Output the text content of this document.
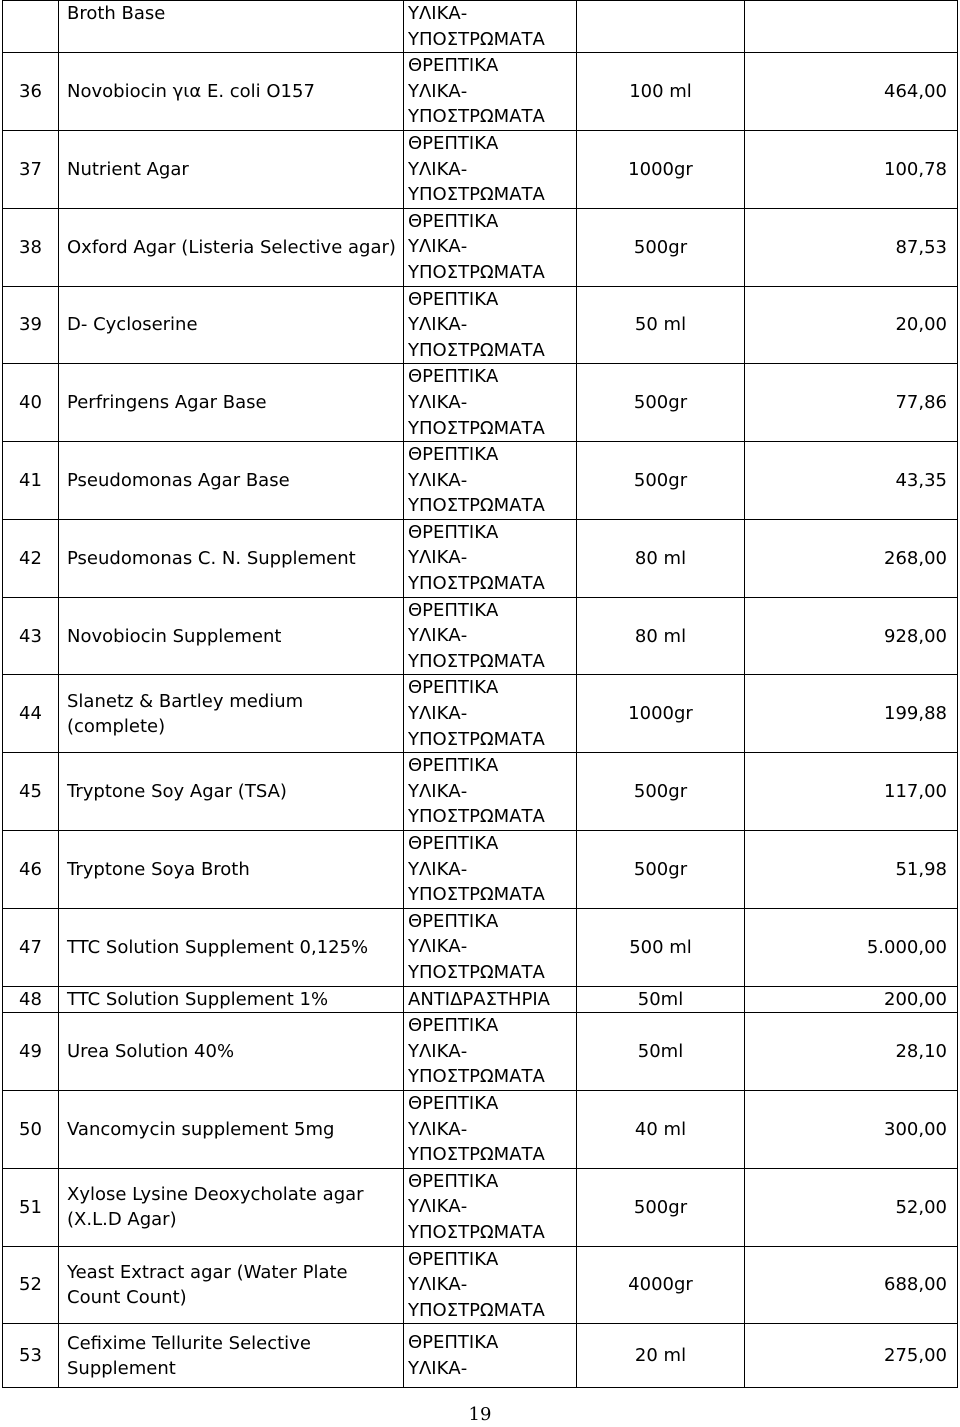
	Broth Base	ΥΛΙΚΑ-
ΥΠΟΣΤΡΩΜΑΤΑ		

36	Novobiocin για E. coli O157	ΘΡΕΠΤΙΚΑ
ΥΛΙΚΑ-
ΥΠΟΣΤΡΩΜΑΤΑ	100 ml	464,00
37	Nutrient Agar	ΘΡΕΠΤΙΚΑ
ΥΛΙΚΑ-
ΥΠΟΣΤΡΩΜΑΤΑ	1000gr	100,78
38	Oxford Agar (Listeria Selective agar)	ΘΡΕΠΤΙΚΑ
ΥΛΙΚΑ-
ΥΠΟΣΤΡΩΜΑΤΑ	500gr	87,53
39	D- Cycloserine	ΘΡΕΠΤΙΚΑ
ΥΛΙΚΑ-
ΥΠΟΣΤΡΩΜΑΤΑ	50 ml	20,00
40	Perfringens Agar Base	ΘΡΕΠΤΙΚΑ
ΥΛΙΚΑ-
ΥΠΟΣΤΡΩΜΑΤΑ	500gr	77,86
41	Pseudomonas Agar Base	ΘΡΕΠΤΙΚΑ
ΥΛΙΚΑ-
ΥΠΟΣΤΡΩΜΑΤΑ	500gr	43,35
42	Pseudomonas C. N. Supplement	ΘΡΕΠΤΙΚΑ
ΥΛΙΚΑ-
ΥΠΟΣΤΡΩΜΑΤΑ	80 ml	268,00
43	Novobiocin Supplement	ΘΡΕΠΤΙΚΑ
ΥΛΙΚΑ-
ΥΠΟΣΤΡΩΜΑΤΑ	80 ml	928,00
44	Slanetz & Bartley medium (complete)	ΘΡΕΠΤΙΚΑ
ΥΛΙΚΑ-
ΥΠΟΣΤΡΩΜΑΤΑ	1000gr	199,88
45	Tryptone Soy Agar (TSA)	ΘΡΕΠΤΙΚΑ
ΥΛΙΚΑ-
ΥΠΟΣΤΡΩΜΑΤΑ	500gr	117,00
46	Tryptone Soya Broth	ΘΡΕΠΤΙΚΑ
ΥΛΙΚΑ-
ΥΠΟΣΤΡΩΜΑΤΑ	500gr	51,98
47	TTC Solution Supplement 0,125%	ΘΡΕΠΤΙΚΑ
ΥΛΙΚΑ-
ΥΠΟΣΤΡΩΜΑΤΑ	500 ml	5.000,00
48	TTC Solution Supplement 1%	ΑΝΤΙΔΡΑΣΤΗΡΙΑ	50ml	200,00
49	Urea Solution 40%	ΘΡΕΠΤΙΚΑ
ΥΛΙΚΑ-
ΥΠΟΣΤΡΩΜΑΤΑ	50ml	28,10
50	Vancomycin supplement 5mg	ΘΡΕΠΤΙΚΑ
ΥΛΙΚΑ-
ΥΠΟΣΤΡΩΜΑΤΑ	40 ml	300,00
51	Xylose Lysine Deoxycholate agar (X.L.D Agar)	ΘΡΕΠΤΙΚΑ
ΥΛΙΚΑ-
ΥΠΟΣΤΡΩΜΑΤΑ	500gr	52,00
52	Yeast Extract agar (Water Plate Count Count)	ΘΡΕΠΤΙΚΑ
ΥΛΙΚΑ-
ΥΠΟΣΤΡΩΜΑΤΑ	4000gr	688,00
53	Cefixime Tellurite Selective Supplement	ΘΡΕΠΤΙΚΑ
ΥΛΙΚΑ-	20 ml	275,00
19
